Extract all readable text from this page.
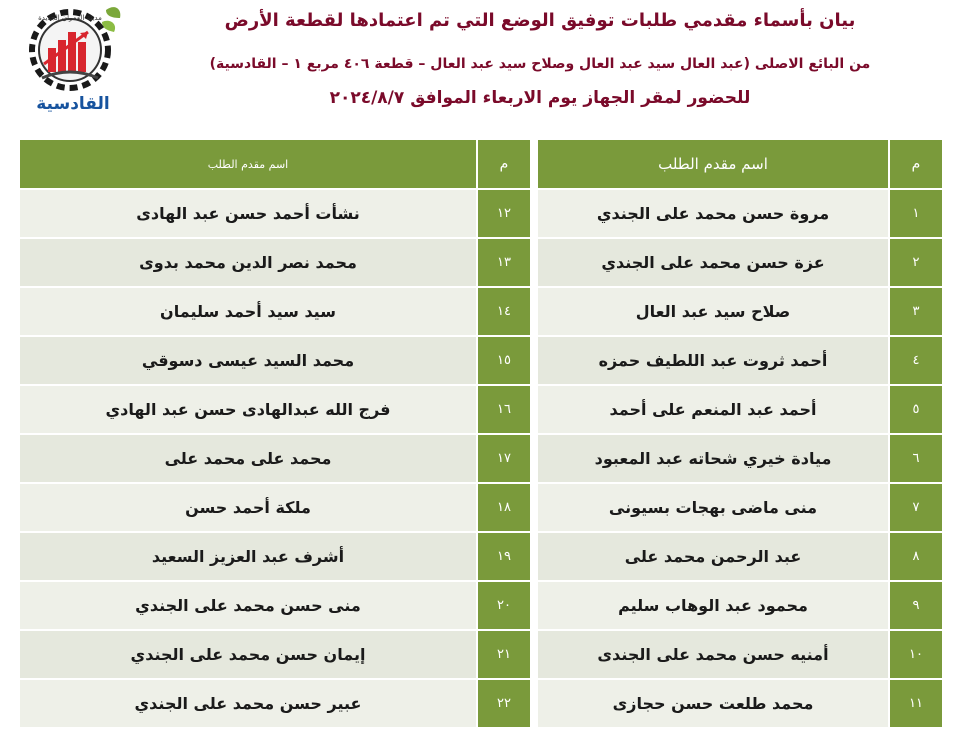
مدينة العمران الجديدة
القادسية
بيان بأسماء مقدمي طلبات توفيق الوضع التي تم اعتمادها لقطعة الأرض
من البائع الاصلى (عبد العال سيد عبد العال وصلاح سيد عبد العال – قطعة ٤٠٦ مربع ١ – القادسية)
للحضور لمقر الجهاز يوم الاربعاء الموافق ٢٠٢٤/٨/٧
م	اسم مقدم الطلب		م	اسم مقدم الطلب
١	مروة حسن محمد على الجندي		١٢	نشأت أحمد حسن عبد الهادى
٢	عزة حسن محمد على الجندي		١٣	محمد نصر الدين محمد بدوى
٣	صلاح سيد عبد العال		١٤	سيد سيد أحمد سليمان
٤	أحمد ثروت عبد اللطيف حمزه		١٥	محمد السيد عيسى دسوقي
٥	أحمد عبد المنعم على أحمد		١٦	فرج الله عبدالهادى حسن عبد الهادي
٦	ميادة خيري شحاته عبد المعبود		١٧	محمد على محمد على
٧	منى ماضى بهجات بسيونى		١٨	ملكة أحمد حسن
٨	عبد الرحمن محمد على		١٩	أشرف عبد العزيز السعيد
٩	محمود عبد الوهاب سليم		٢٠	منى حسن محمد على الجندي
١٠	أمنيه حسن محمد على الجندى		٢١	إيمان حسن محمد على الجندي
١١	محمد طلعت حسن حجازى		٢٢	عبير حسن محمد على الجندي
